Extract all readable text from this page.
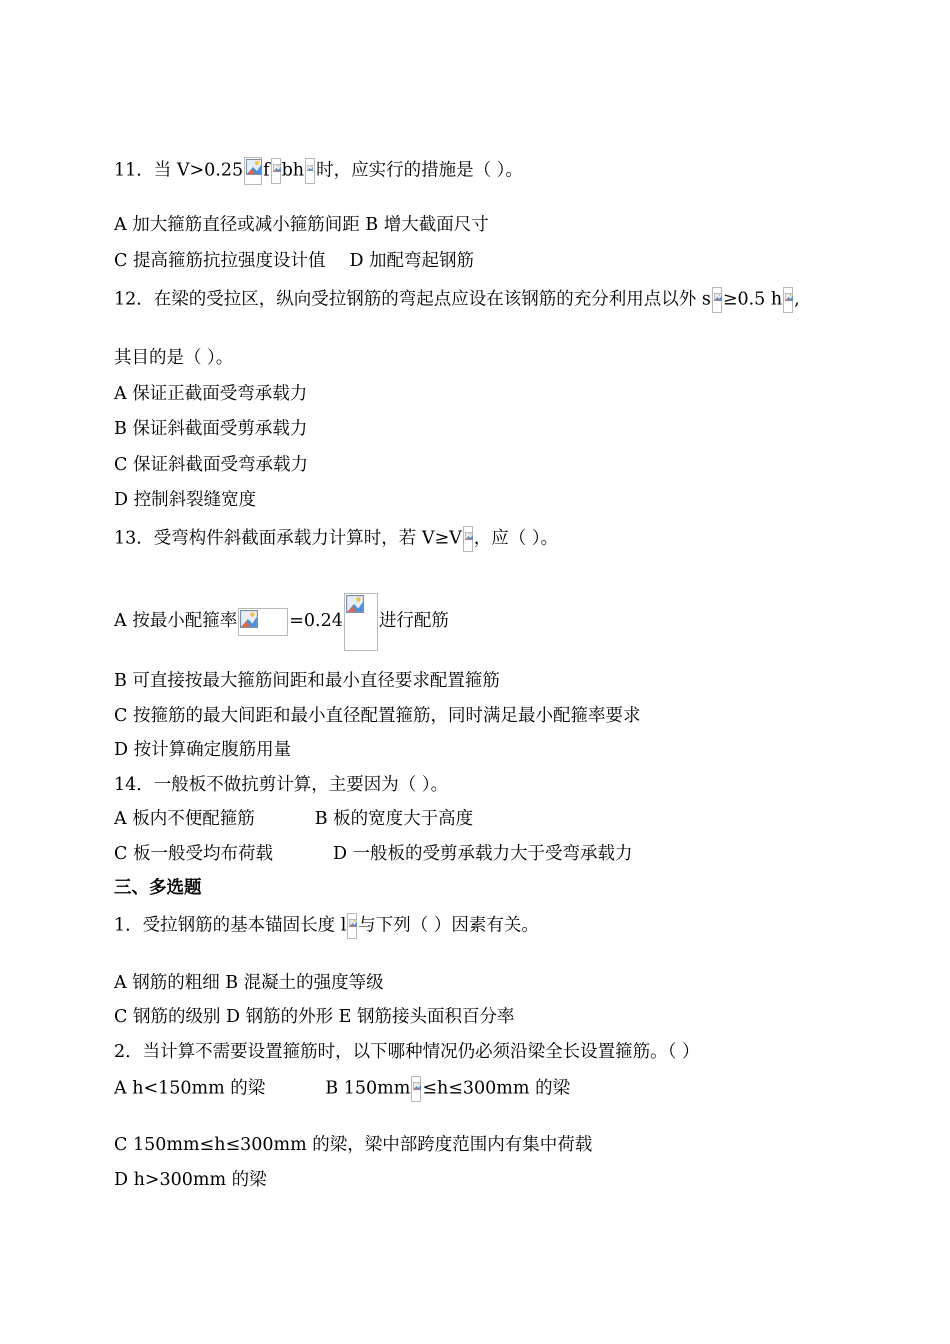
11．当 V>0.25 f bh 时，应实行的措施是（ ）。
A 加大箍筋直径或减小箍筋间距 B 增大截面尺寸
C 提高箍筋抗拉强度设计值 D 加配弯起钢筋
12．在梁的受拉区，纵向受拉钢筋的弯起点应设在该钢筋的充分利用点以外 s ≥0.5 h ,
其目的是（ ）。
A 保证正截面受弯承载力
B 保证斜截面受剪承载力
C 保证斜截面受弯承载力
D 控制斜裂缝宽度
13．受弯构件斜截面承载力计算时，若 V≥V ，应（ ）。
A 按最小配箍率	=0.24 进行配筋
B 可直接按最大箍筋间距和最小直径要求配置箍筋
C 按箍筋的最大间距和最小直径配置箍筋，同时满足最小配箍率要求
D 按计算确定腹筋用量
14．一般板不做抗剪计算，主要因为（ ）。
A 板内不便配箍筋	B 板的宽度大于高度
C 板一般受均布荷载	D 一般板的受剪承载力大于受弯承载力
三、多选题
1．受拉钢筋的基本锚固长度 l 与下列（ ）因素有关。
A 钢筋的粗细 B 混凝土的强度等级
C 钢筋的级别 D 钢筋的外形 E 钢筋接头面积百分率
2．当计算不需要设置箍筋时，以下哪种情况仍必须沿梁全长设置箍筋。（ ）
A h<150mm 的梁	B 150mm ≤h≤300mm 的梁
C 150mm≤h≤300mm 的梁，梁中部跨度范围内有集中荷载
D h>300mm 的梁
